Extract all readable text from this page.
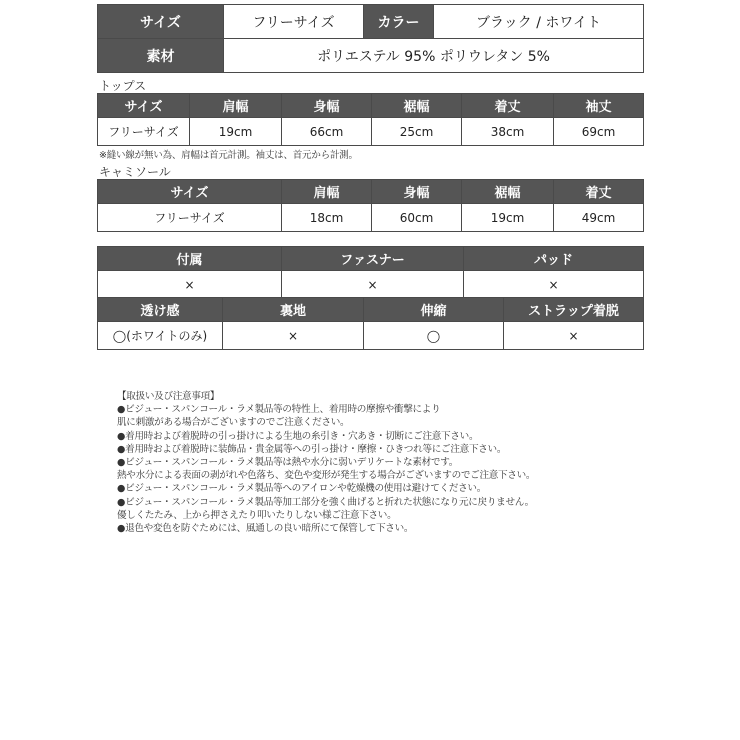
サイズ	フリーサイズ	カラー	ブラック / ホワイト
素材	ポリエステル 95% ポリウレタン 5%		
トップス
サイズ	肩幅	身幅	裾幅	着丈	袖丈
フリーサイズ	19cm	66cm	25cm	38cm	69cm
※縫い線が無い為、肩幅は首元計測。袖丈は、首元から計測。
キャミソール
サイズ	肩幅	身幅	裾幅	着丈
フリーサイズ	18cm	60cm	19cm	49cm
付属	ファスナー	パッド
×	×	×
透け感	裏地	伸縮	ストラップ着脱
◯(ホワイトのみ)	×	◯	×
【取扱い及び注意事項】
●ビジュー・スパンコール・ラメ製品等の特性上、着用時の摩擦や衝撃により
肌に刺激がある場合がございますのでご注意ください。
●着用時および着脱時の引っ掛けによる生地の糸引き・穴あき・切断にご注意下さい。
●着用時および着脱時に装飾品・貴金属等への引っ掛け・摩擦・ひきつれ等にご注意下さい。
●ビジュー・スパンコール・ラメ製品等は熱や水分に弱いデリケートな素材です。
熱や水分による表面の剥がれや色落ち、変色や変形が発生する場合がございますのでご注意下さい。
●ビジュー・スパンコール・ラメ製品等へのアイロンや乾燥機の使用は避けてください。
●ビジュー・スパンコール・ラメ製品等加工部分を強く曲げると折れた状態になり元に戻りません。
優しくたたみ、上から押さえたり叩いたりしない様ご注意下さい。
●退色や変色を防ぐためには、風通しの良い暗所にて保管して下さい。
